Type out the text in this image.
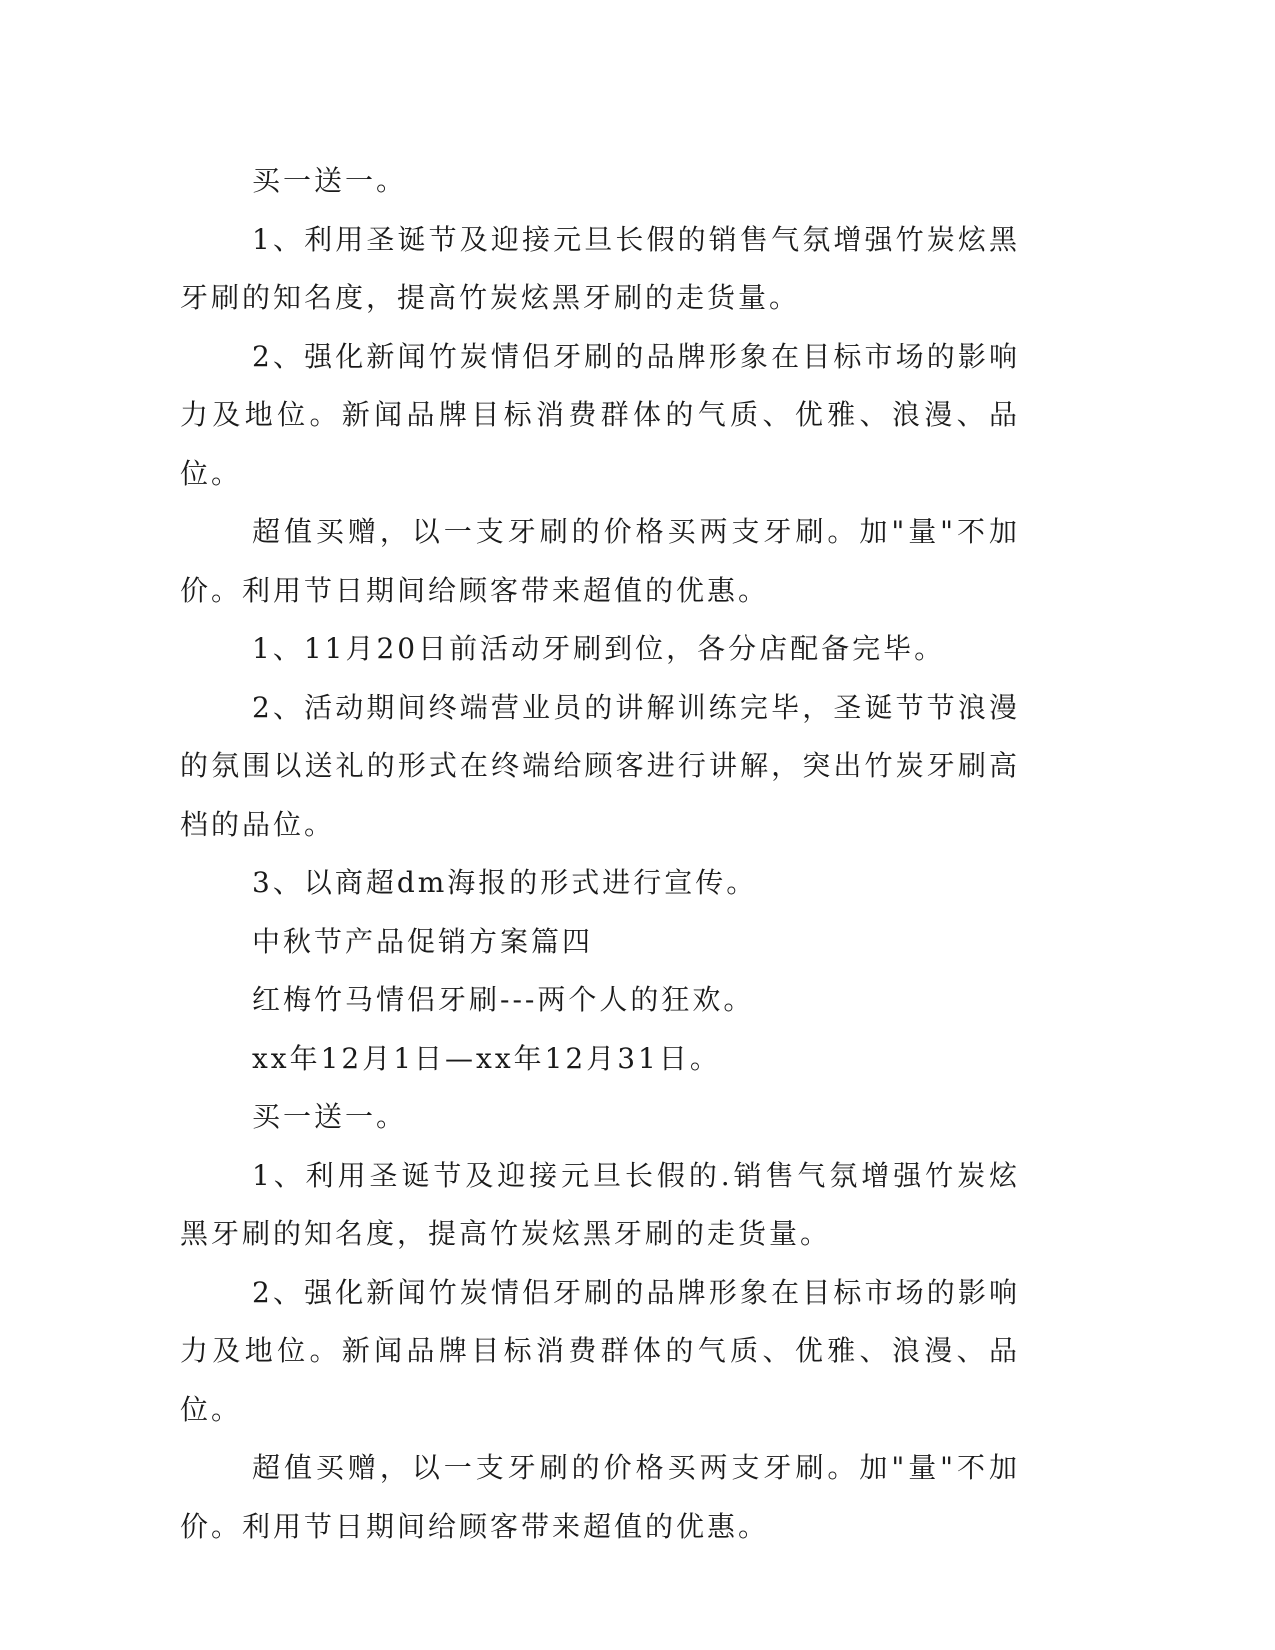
买一送一。

1、利用圣诞节及迎接元旦长假的销售气氛增强竹炭炫黑牙刷的知名度，提高竹炭炫黑牙刷的走货量。

2、强化新闻竹炭情侣牙刷的品牌形象在目标市场的影响力及地位。新闻品牌目标消费群体的气质、优雅、浪漫、品位。

超值买赠，以一支牙刷的价格买两支牙刷。加"量"不加价。利用节日期间给顾客带来超值的优惠。

1、11月20日前活动牙刷到位，各分店配备完毕。

2、活动期间终端营业员的讲解训练完毕，圣诞节节浪漫的氛围以送礼的形式在终端给顾客进行讲解，突出竹炭牙刷高档的品位。

3、以商超dm海报的形式进行宣传。

中秋节产品促销方案篇四

红梅竹马情侣牙刷---两个人的狂欢。

xx年12月1日—xx年12月31日。

买一送一。

1、利用圣诞节及迎接元旦长假的.销售气氛增强竹炭炫黑牙刷的知名度，提高竹炭炫黑牙刷的走货量。

2、强化新闻竹炭情侣牙刷的品牌形象在目标市场的影响力及地位。新闻品牌目标消费群体的气质、优雅、浪漫、品位。

超值买赠，以一支牙刷的价格买两支牙刷。加"量"不加价。利用节日期间给顾客带来超值的优惠。
